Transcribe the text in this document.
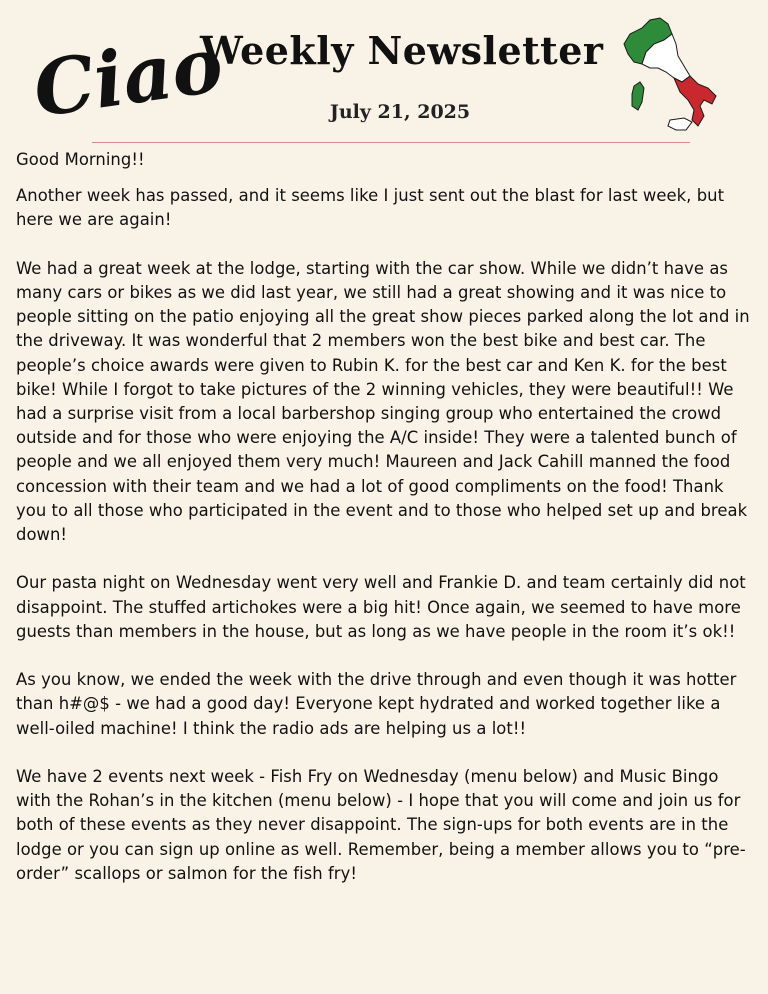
Ciao
Weekly Newsletter
July 21, 2025

Good Morning!!

Another week has passed, and it seems like I just sent out the blast for last week, but here we are again!

We had a great week at the lodge, starting with the car show. While we didn’t have as many cars or bikes as we did last year, we still had a great showing and it was nice to people sitting on the patio enjoying all the great show pieces parked along the lot and in the driveway. It was wonderful that 2 members won the best bike and best car. The people’s choice awards were given to Rubin K. for the best car and Ken K. for the best bike! While I forgot to take pictures of the 2 winning vehicles, they were beautiful!! We had a surprise visit from a local barbershop singing group who entertained the crowd outside and for those who were enjoying the A/C inside! They were a talented bunch of people and we all enjoyed them very much! Maureen and Jack Cahill manned the food concession with their team and we had a lot of good compliments on the food! Thank you to all those who participated in the event and to those who helped set up and break down!

Our pasta night on Wednesday went very well and Frankie D. and team certainly did not disappoint. The stuffed artichokes were a big hit! Once again, we seemed to have more guests than members in the house, but as long as we have people in the room it’s ok!!

As you know, we ended the week with the drive through and even though it was hotter than h#@$ - we had a good day! Everyone kept hydrated and worked together like a well-oiled machine! I think the radio ads are helping us a lot!!

We have 2 events next week - Fish Fry on Wednesday (menu below) and Music Bingo with the Rohan’s in the kitchen (menu below) - I hope that you will come and join us for both of these events as they never disappoint. The sign-ups for both events are in the lodge or you can sign up online as well. Remember, being a member allows you to “pre-order” scallops or salmon for the fish fry!
